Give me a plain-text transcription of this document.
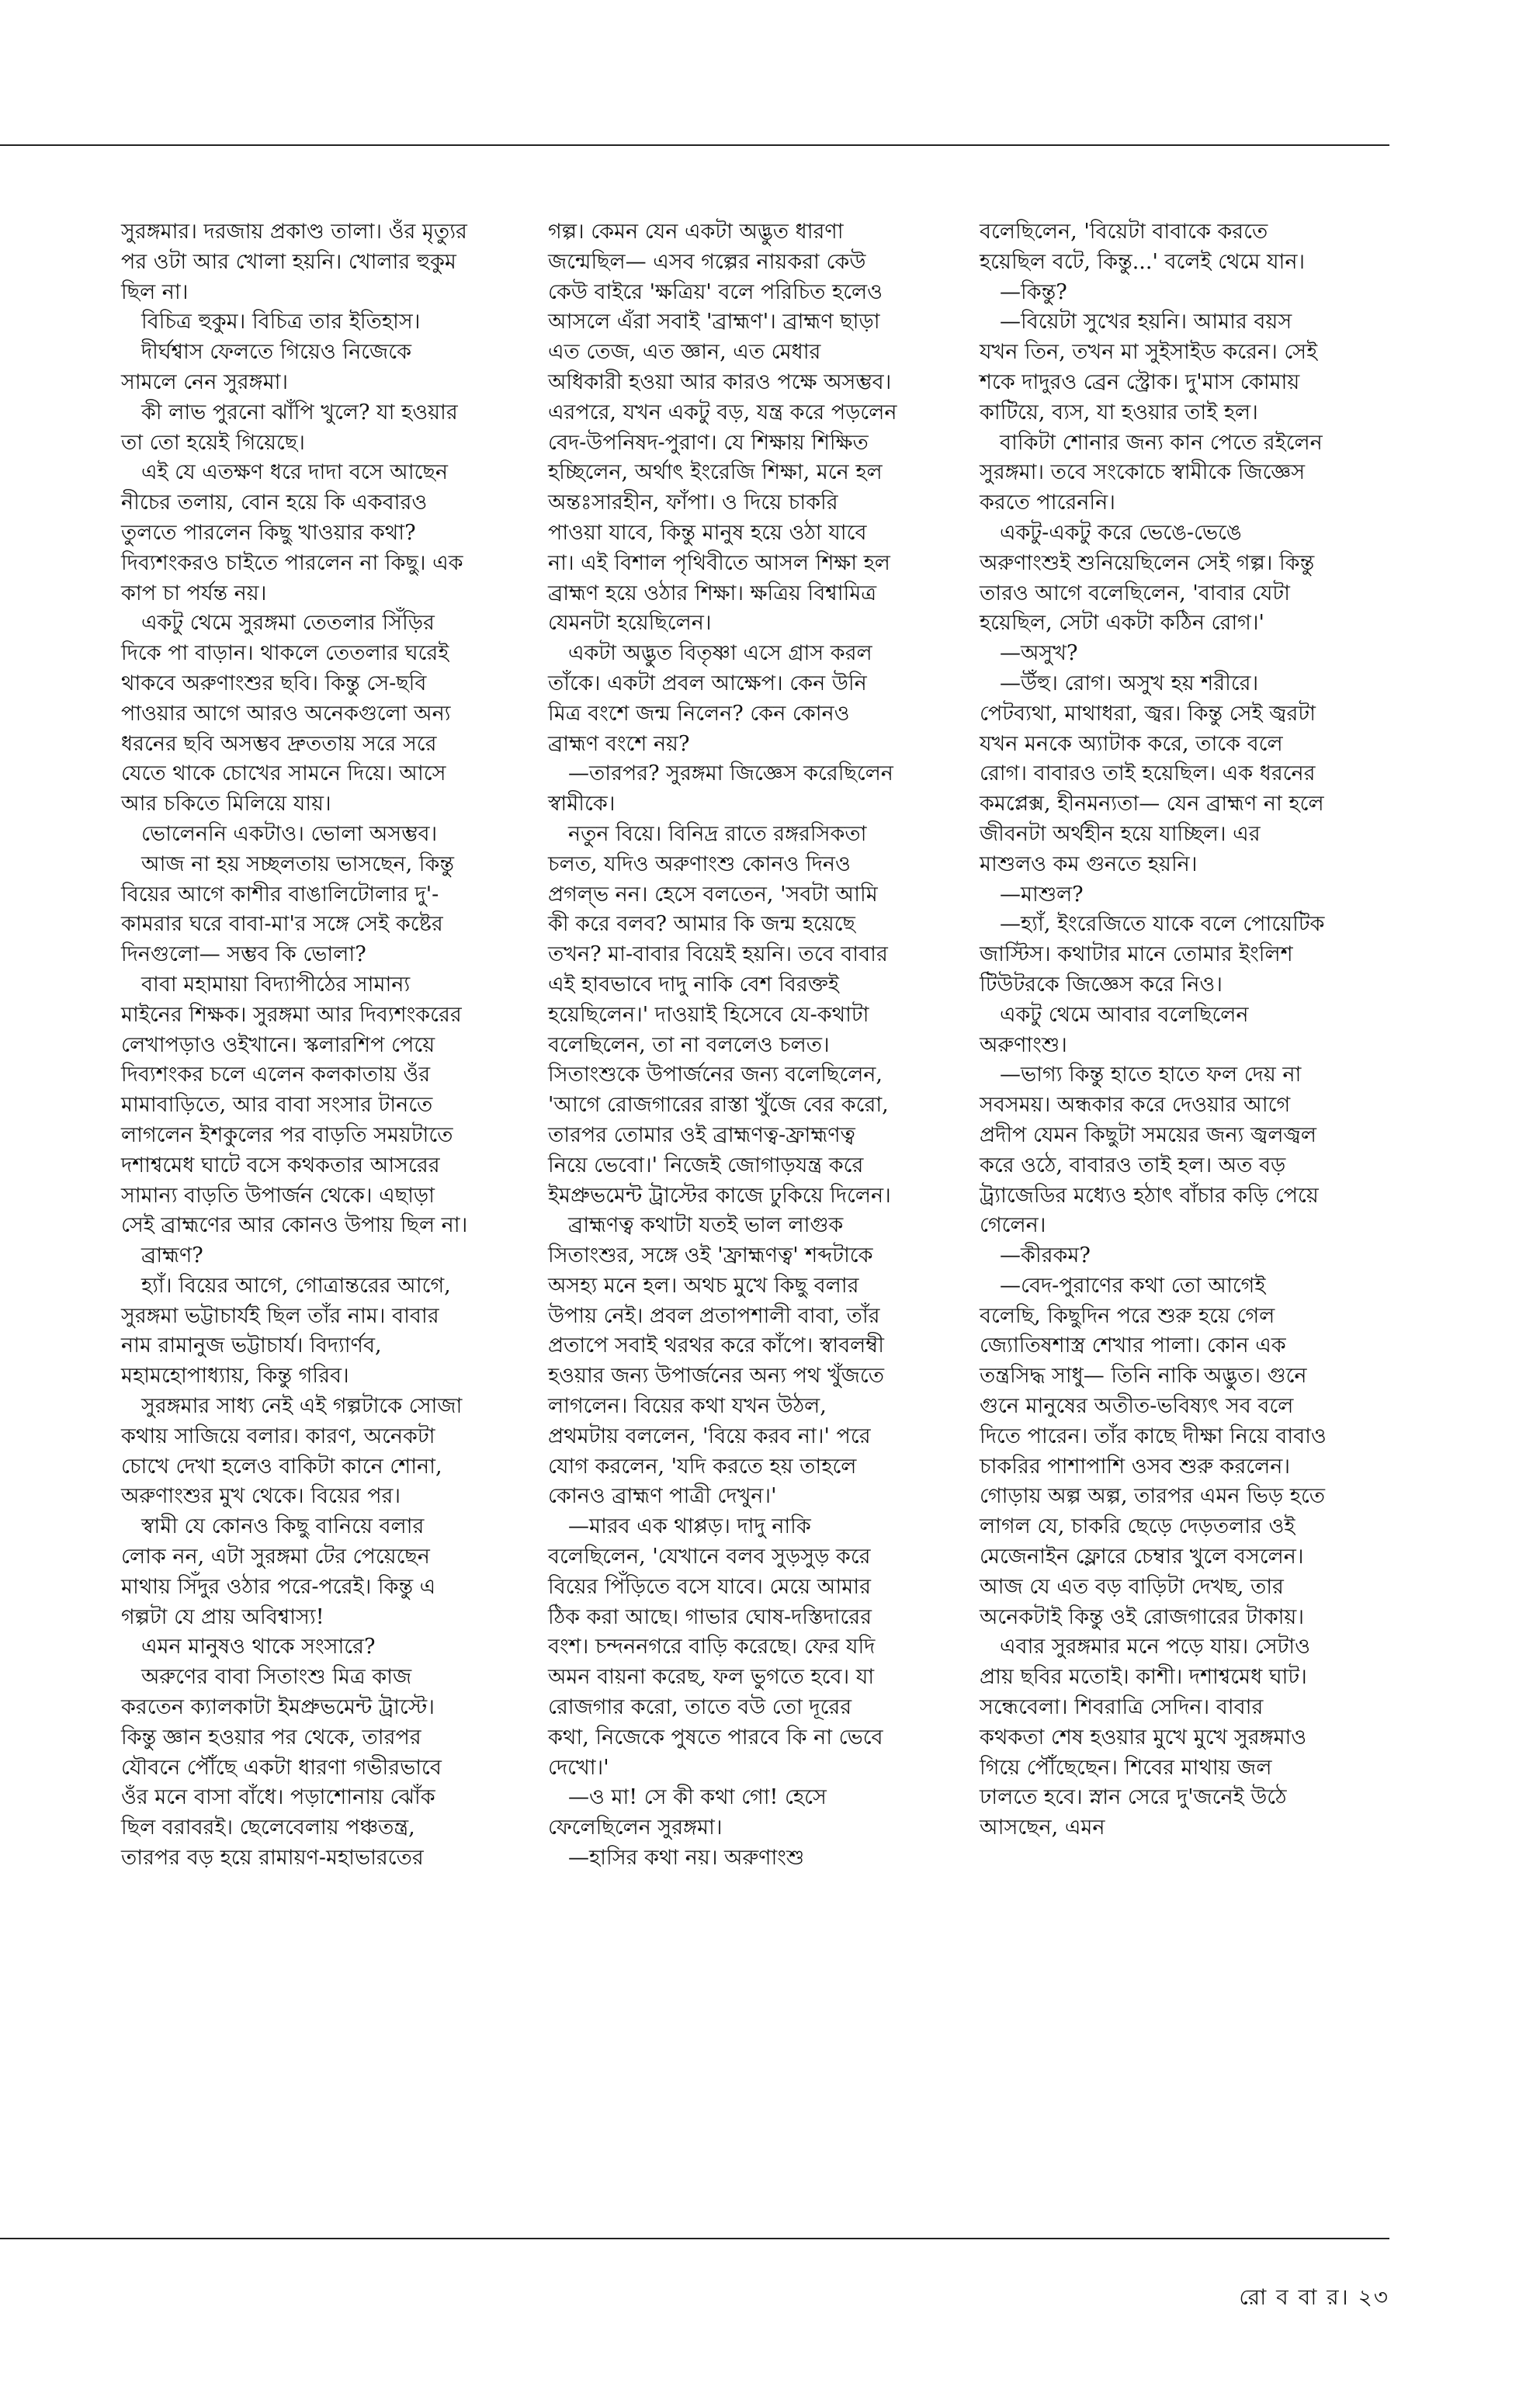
সুরঙ্গমার। দরজায় প্রকাণ্ড তালা। ওঁর মৃত্যুর পর ওটা আর খোলা হয়নি। খোলার হুকুম ছিল না।

বিচিত্র হুকুম। বিচিত্র তার ইতিহাস।

দীর্ঘশ্বাস ফেলতে গিয়েও নিজেকে সামলে নেন সুরঙ্গমা।

কী লাভ পুরনো ঝাঁপি খুলে? যা হওয়ার তা তো হয়েই গিয়েছে।

এই যে এতক্ষণ ধরে দাদা বসে আছেন নীচের তলায়, বোন হয়ে কি একবারও তুলতে পারলেন কিছু খাওয়ার কথা? দিব্যশংকরও চাইতে পারলেন না কিছু। এক কাপ চা পর্যন্ত নয়।

একটু থেমে সুরঙ্গমা তেতলার সিঁড়ির দিকে পা বাড়ান। থাকলে তেতলার ঘরেই থাকবে অরুণাংশুর ছবি। কিন্তু সে-ছবি পাওয়ার আগে আরও অনেকগুলো অন্য ধরনের ছবি অসম্ভব দ্রুততায় সরে সরে যেতে থাকে চোখের সামনে দিয়ে। আসে আর চকিতে মিলিয়ে যায়।

ভোলেননি একটাও। ভোলা অসম্ভব।

আজ না হয় সচ্ছলতায় ভাসছেন, কিন্তু বিয়ের আগে কাশীর বাঙালিটোলার দু'-কামরার ঘরে বাবা-মা'র সঙ্গে সেই কষ্টের দিনগুলো— সম্ভব কি ভোলা?

বাবা মহামায়া বিদ্যাপীঠের সামান্য মাইনের শিক্ষক। সুরঙ্গমা আর দিব্যশংকরের লেখাপড়াও ওইখানে। স্কলারশিপ পেয়ে দিব্যশংকর চলে এলেন কলকাতায় ওঁর মামাবাড়িতে, আর বাবা সংসার টানতে লাগলেন ইশকুলের পর বাড়তি সময়টাতে দশাশ্বমেধ ঘাটে বসে কথকতার আসরের সামান্য বাড়তি উপার্জন থেকে। এছাড়া সেই ব্রাহ্মণের আর কোনও উপায় ছিল না।

ব্রাহ্মণ?

হ্যাঁ। বিয়ের আগে, গোত্রান্তরের আগে, সুরঙ্গমা ভট্টাচার্যই ছিল তাঁর নাম। বাবার নাম রামানুজ ভট্টাচার্য। বিদ্যার্ণব, মহামহোপাধ্যায়, কিন্তু গরিব।

সুরঙ্গমার সাধ্য নেই এই গল্পটাকে সোজা কথায় সাজিয়ে বলার। কারণ, অনেকটা চোখে দেখা হলেও বাকিটা কানে শোনা, অরুণাংশুর মুখ থেকে। বিয়ের পর।

স্বামী যে কোনও কিছু বানিয়ে বলার লোক নন, এটা সুরঙ্গমা টের পেয়েছেন মাথায় সিঁদুর ওঠার পরে-পরেই। কিন্তু এ গল্পটা যে প্রায় অবিশ্বাস্য!

এমন মানুষও থাকে সংসারে?

অরুণের বাবা সিতাংশু মিত্র কাজ করতেন ক্যালকাটা ইমপ্রুভমেন্ট ট্রাস্টে। কিন্তু জ্ঞান হওয়ার পর থেকে, তারপর যৌবনে পৌঁছে একটা ধারণা গভীরভাবে ওঁর মনে বাসা বাঁধে। পড়াশোনায় ঝোঁক ছিল বরাবরই। ছেলেবেলায় পঞ্চতন্ত্র, তারপর বড় হয়ে রামায়ণ-মহাভারতের

গল্প। কেমন যেন একটা অদ্ভুত ধারণা জন্মেছিল— এসব গল্পের নায়করা কেউ কেউ বাইরে 'ক্ষত্রিয়' বলে পরিচিত হলেও আসলে এঁরা সবাই 'ব্রাহ্মণ'। ব্রাহ্মণ ছাড়া এত তেজ, এত জ্ঞান, এত মেধার অধিকারী হওয়া আর কারও পক্ষে অসম্ভব। এরপরে, যখন একটু বড়, যন্ত্র করে পড়লেন বেদ-উপনিষদ-পুরাণ। যে শিক্ষায় শিক্ষিত হচ্ছিলেন, অর্থাৎ ইংরেজি শিক্ষা, মনে হল অন্তঃসারহীন, ফাঁপা। ও দিয়ে চাকরি পাওয়া যাবে, কিন্তু মানুষ হয়ে ওঠা যাবে না। এই বিশাল পৃথিবীতে আসল শিক্ষা হল ব্রাহ্মণ হয়ে ওঠার শিক্ষা। ক্ষত্রিয় বিশ্বামিত্র যেমনটা হয়েছিলেন।

একটা অদ্ভুত বিতৃষ্ণা এসে গ্রাস করল তাঁকে। একটা প্রবল আক্ষেপ। কেন উনি মিত্র বংশে জন্ম নিলেন? কেন কোনও ব্রাহ্মণ বংশে নয়?

—তারপর? সুরঙ্গমা জিজ্ঞেস করেছিলেন স্বামীকে।

নতুন বিয়ে। বিনিদ্র রাতে রঙ্গরসিকতা চলত, যদিও অরুণাংশু কোনও দিনও প্রগল্ভ নন। হেসে বলতেন, 'সবটা আমি কী করে বলব? আমার কি জন্ম হয়েছে তখন? মা-বাবার বিয়েই হয়নি। তবে বাবার এই হাবভাবে দাদু নাকি বেশ বিরক্তই হয়েছিলেন।' দাওয়াই হিসেবে যে-কথাটা বলেছিলেন, তা না বললেও চলত। সিতাংশুকে উপার্জনের জন্য বলেছিলেন, 'আগে রোজগারের রাস্তা খুঁজে বের করো, তারপর তোমার ওই ব্রাহ্মণত্ব-ফ্রাহ্মণত্ব নিয়ে ভেবো।' নিজেই জোগাড়যন্ত্র করে ইমপ্রুভমেন্ট ট্রাস্টের কাজে ঢুকিয়ে দিলেন।

ব্রাহ্মণত্ব কথাটা যতই ভাল লাগুক সিতাংশুর, সঙ্গে ওই 'ফ্রাহ্মণত্ব' শব্দটাকে অসহ্য মনে হল। অথচ মুখে কিছু বলার উপায় নেই। প্রবল প্রতাপশালী বাবা, তাঁর প্রতাপে সবাই থরথর করে কাঁপে। স্বাবলম্বী হওয়ার জন্য উপার্জনের অন্য পথ খুঁজতে লাগলেন। বিয়ের কথা যখন উঠল, প্রথমটায় বললেন, 'বিয়ে করব না।' পরে যোগ করলেন, 'যদি করতে হয় তাহলে কোনও ব্রাহ্মণ পাত্রী দেখুন।'

—মারব এক থাপ্পড়। দাদু নাকি বলেছিলেন, 'যেখানে বলব সুড়সুড় করে বিয়ের পিঁড়িতে বসে যাবে। মেয়ে আমার ঠিক করা আছে। গাভার ঘোষ-দস্তিদারের বংশ। চন্দননগরে বাড়ি করেছে। ফের যদি অমন বায়না করেছ, ফল ভুগতে হবে। যা রোজগার করো, তাতে বউ তো দূরের কথা, নিজেকে পুষতে পারবে কি না ভেবে দেখো।'

—ও মা! সে কী কথা গো! হেসে ফেলেছিলেন সুরঙ্গমা।

—হাসির কথা নয়। অরুণাংশু

বলেছিলেন, 'বিয়েটা বাবাকে করতে হয়েছিল বটে, কিন্তু...' বলেই থেমে যান।

—কিন্তু?

—বিয়েটা সুখের হয়নি। আমার বয়স যখন তিন, তখন মা সুইসাইড করেন। সেই শকে দাদুরও ব্রেন স্ট্রোক। দু'মাস কোমায় কাটিয়ে, ব্যস, যা হওয়ার তাই হল।

বাকিটা শোনার জন্য কান পেতে রইলেন সুরঙ্গমা। তবে সংকোচে স্বামীকে জিজ্ঞেস করতে পারেননি।

একটু-একটু করে ভেঙে-ভেঙে অরুণাংশুই শুনিয়েছিলেন সেই গল্প। কিন্তু তারও আগে বলেছিলেন, 'বাবার যেটা হয়েছিল, সেটা একটা কঠিন রোগ।'

—অসুখ?

—উঁহু। রোগ। অসুখ হয় শরীরে। পেটব্যথা, মাথাধরা, জ্বর। কিন্তু সেই জ্বরটা যখন মনকে অ্যাটাক করে, তাকে বলে রোগ। বাবারও তাই হয়েছিল। এক ধরনের কমপ্লেক্স, হীনমন্যতা— যেন ব্রাহ্মণ না হলে জীবনটা অর্থহীন হয়ে যাচ্ছিল। এর মাশুলও কম গুনতে হয়নি।

—মাশুল?

—হ্যাঁ, ইংরেজিতে যাকে বলে পোয়েটিক জাস্টিস। কথাটার মানে তোমার ইংলিশ টিউটরকে জিজ্ঞেস করে নিও।

একটু থেমে আবার বলেছিলেন অরুণাংশু।

—ভাগ্য কিন্তু হাতে হাতে ফল দেয় না সবসময়। অন্ধকার করে দেওয়ার আগে প্রদীপ যেমন কিছুটা সময়ের জন্য জ্বলজ্বল করে ওঠে, বাবারও তাই হল। অত বড় ট্র্যাজেডির মধ্যেও হঠাৎ বাঁচার কড়ি পেয়ে গেলেন।

—কীরকম?

—বেদ-পুরাণের কথা তো আগেই বলেছি, কিছুদিন পরে শুরু হয়ে গেল জ্যোতিষশাস্ত্র শেখার পালা। কোন এক তন্ত্রসিদ্ধ সাধু— তিনি নাকি অদ্ভুত। গুনে গুনে মানুষের অতীত-ভবিষ্যৎ সব বলে দিতে পারেন। তাঁর কাছে দীক্ষা নিয়ে বাবাও চাকরির পাশাপাশি ওসব শুরু করলেন। গোড়ায় অল্প অল্প, তারপর এমন ভিড় হতে লাগল যে, চাকরি ছেড়ে দেড়তলার ওই মেজেনাইন ফ্লোরে চেম্বার খুলে বসলেন। আজ যে এত বড় বাড়িটা দেখছ, তার অনেকটাই কিন্তু ওই রোজগারের টাকায়।

এবার সুরঙ্গমার মনে পড়ে যায়। সেটাও প্রায় ছবির মতোই। কাশী। দশাশ্বমেধ ঘাট। সন্ধেবেলা। শিবরাত্রি সেদিন। বাবার কথকতা শেষ হওয়ার মুখে মুখে সুরঙ্গমাও গিয়ে পৌঁছেছেন। শিবের মাথায় জল ঢালতে হবে। স্নান সেরে দু'জনেই উঠে আসছেন, এমন

রো ব বা র। ২৩
